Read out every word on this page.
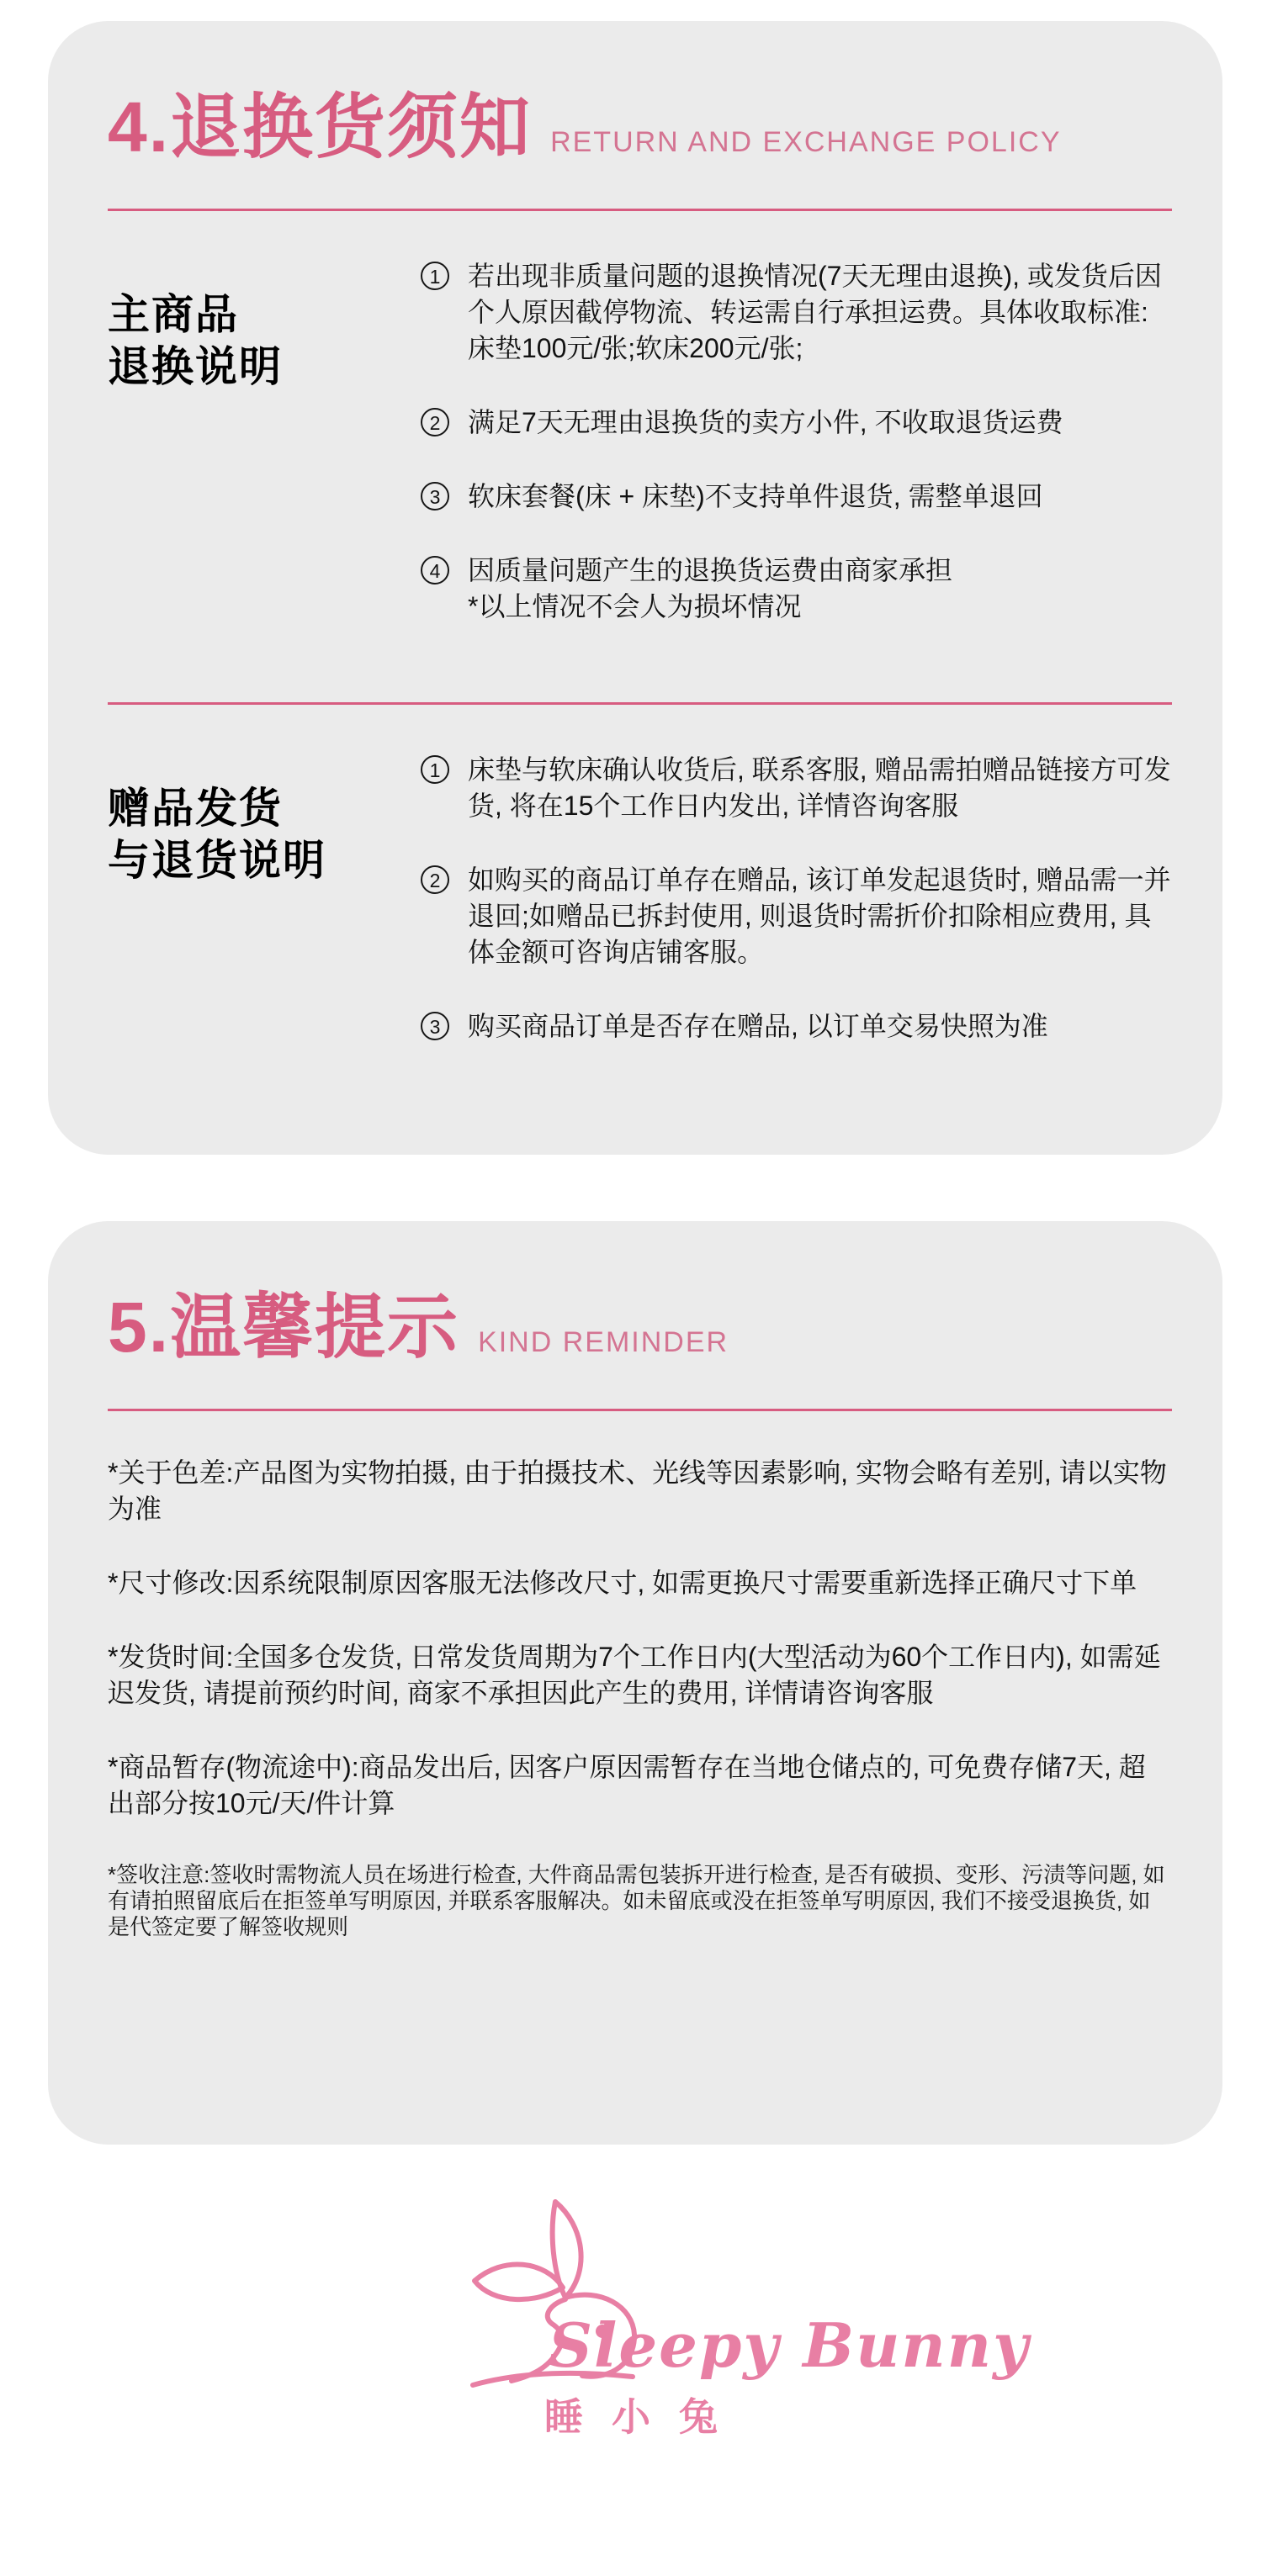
4.退换货须知 RETURN AND EXCHANGE POLICY
主商品
退换说明
1	若出现非质量问题的退换情况(7天无理由退换), 或发货后因个人原因截停物流、转运需自行承担运费。具体收取标准:床垫100元/张;软床200元/张;
2	满足7天无理由退换货的卖方小件, 不收取退货运费
3	软床套餐(床 + 床垫)不支持单件退货, 需整单退回
4	因质量问题产生的退换货运费由商家承担
*以上情况不会人为损坏情况
赠品发货
与退货说明
1	床垫与软床确认收货后, 联系客服, 赠品需拍赠品链接方可发货, 将在15个工作日内发出, 详情咨询客服
2	如购买的商品订单存在赠品, 该订单发起退货时, 赠品需一并退回;如赠品已拆封使用, 则退货时需折价扣除相应费用, 具体金额可咨询店铺客服。
3	购买商品订单是否存在赠品, 以订单交易快照为准
5.温馨提示 KIND REMINDER
*关于色差:产品图为实物拍摄, 由于拍摄技术、光线等因素影响, 实物会略有差别, 请以实物为准
*尺寸修改:因系统限制原因客服无法修改尺寸, 如需更换尺寸需要重新选择正确尺寸下单
*发货时间:全国多仓发货, 日常发货周期为7个工作日内(大型活动为60个工作日内), 如需延迟发货, 请提前预约时间, 商家不承担因此产生的费用, 详情请咨询客服
*商品暂存(物流途中):商品发出后, 因客户原因需暂存在当地仓储点的, 可免费存储7天, 超出部分按10元/天/件计算
*签收注意:签收时需物流人员在场进行检查, 大件商品需包装拆开进行检查, 是否有破损、变形、污渍等问题, 如有请拍照留底后在拒签单写明原因, 并联系客服解决。如未留底或没在拒签单写明原因, 我们不接受退换货, 如是代签定要了解签收规则
Sleepy Bunny
睡小兔
